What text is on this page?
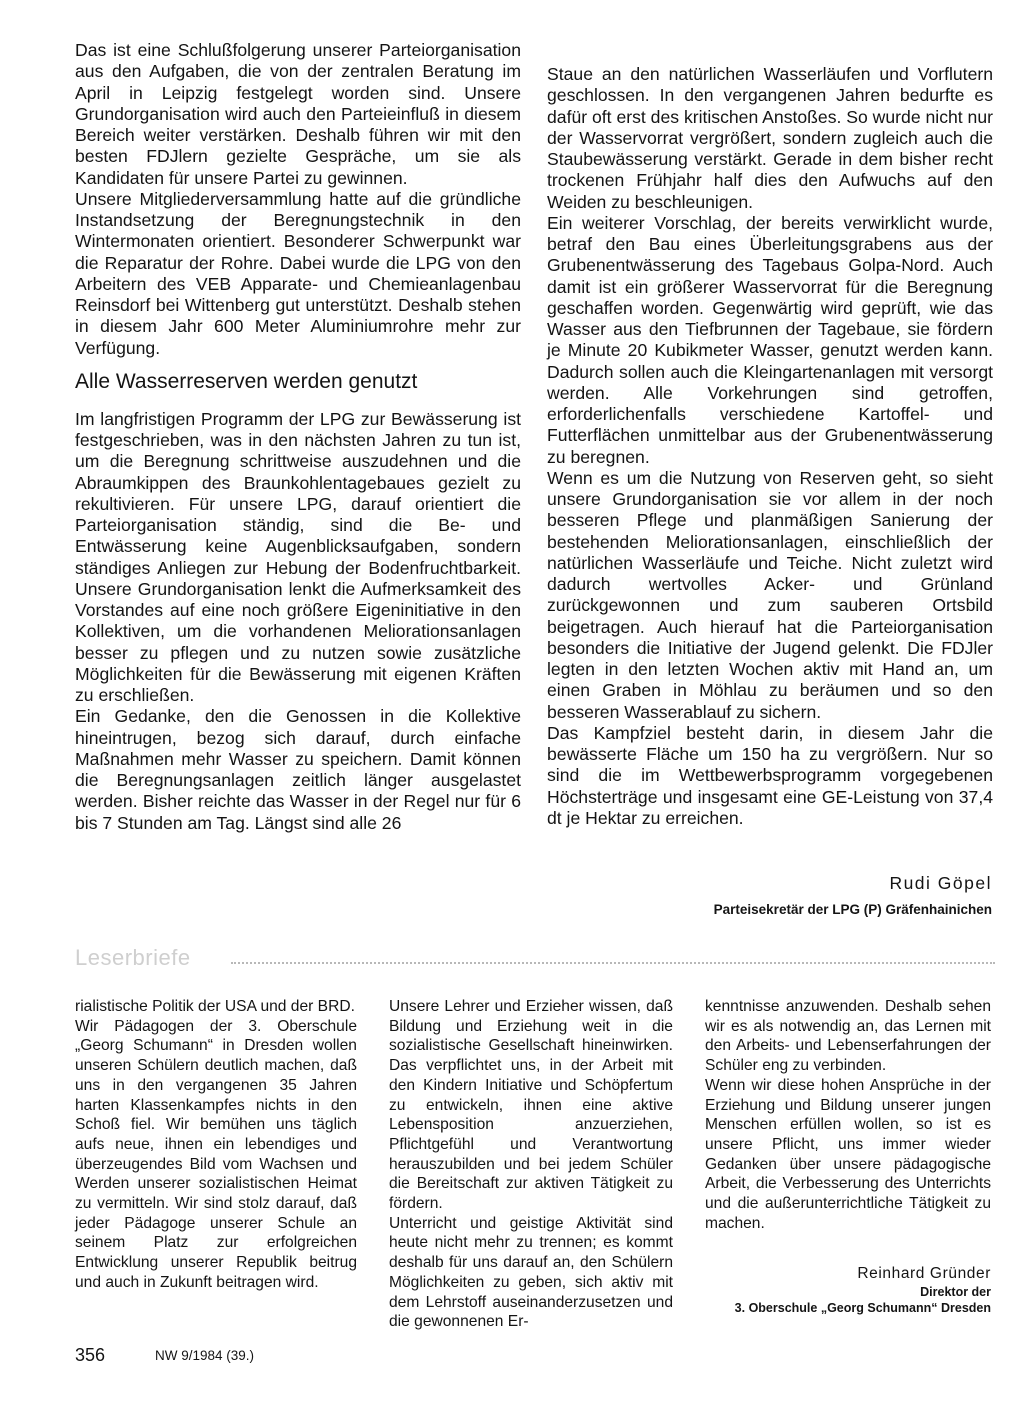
Das ist eine Schlußfolgerung unserer Parteiorganisation aus den Aufgaben, die von der zentralen Beratung im April in Leipzig festgelegt worden sind. Unsere Grundorganisation wird auch den Parteieinfluß in diesem Bereich weiter verstärken. Deshalb führen wir mit den besten FDJlern gezielte Gespräche, um sie als Kandidaten für unsere Partei zu gewinnen.

Unsere Mitgliederversammlung hatte auf die gründliche Instandsetzung der Beregnungstechnik in den Wintermonaten orientiert. Besonderer Schwerpunkt war die Reparatur der Rohre. Dabei wurde die LPG von den Arbeitern des VEB Apparate- und Chemieanlagenbau Reinsdorf bei Wittenberg gut unterstützt. Deshalb stehen in diesem Jahr 600 Meter Aluminiumrohre mehr zur Verfügung.

Alle Wasserreserven werden genutzt

Im langfristigen Programm der LPG zur Bewässerung ist festgeschrieben, was in den nächsten Jahren zu tun ist, um die Beregnung schrittweise auszudehnen und die Abraumkippen des Braunkohlentagebaues gezielt zu rekultivieren. Für unsere LPG, darauf orientiert die Parteiorganisation ständig, sind die Be- und Entwässerung keine Augenblicksaufgaben, sondern ständiges Anliegen zur Hebung der Bodenfruchtbarkeit. Unsere Grundorganisation lenkt die Aufmerksamkeit des Vorstandes auf eine noch größere Eigeninitiative in den Kollektiven, um die vorhandenen Meliorationsanlagen besser zu pflegen und zu nutzen sowie zusätzliche Möglichkeiten für die Bewässerung mit eigenen Kräften zu erschließen.

Ein Gedanke, den die Genossen in die Kollektive hineintrugen, bezog sich darauf, durch einfache Maßnahmen mehr Wasser zu speichern. Damit können die Beregnungsanlagen zeitlich länger ausgelastet werden. Bisher reichte das Wasser in der Regel nur für 6 bis 7 Stunden am Tag. Längst sind alle 26

Staue an den natürlichen Wasserläufen und Vorflutern geschlossen. In den vergangenen Jahren bedurfte es dafür oft erst des kritischen Anstoßes. So wurde nicht nur der Wasservorrat vergrößert, sondern zugleich auch die Staubewässerung verstärkt. Gerade in dem bisher recht trockenen Frühjahr half dies den Aufwuchs auf den Weiden zu beschleunigen.

Ein weiterer Vorschlag, der bereits verwirklicht wurde, betraf den Bau eines Überleitungsgrabens aus der Grubenentwässerung des Tagebaus Golpa-Nord. Auch damit ist ein größerer Wasservorrat für die Beregnung geschaffen worden. Gegenwärtig wird geprüft, wie das Wasser aus den Tiefbrunnen der Tagebaue, sie fördern je Minute 20 Kubikmeter Wasser, genutzt werden kann. Dadurch sollen auch die Kleingartenanlagen mit versorgt werden. Alle Vorkehrungen sind getroffen, erforderlichenfalls verschiedene Kartoffel- und Futterflächen unmittelbar aus der Grubenentwässerung zu beregnen.

Wenn es um die Nutzung von Reserven geht, so sieht unsere Grundorganisation sie vor allem in der noch besseren Pflege und planmäßigen Sanierung der bestehenden Meliorationsanlagen, einschließlich der natürlichen Wasserläufe und Teiche. Nicht zuletzt wird dadurch wertvolles Acker- und Grünland zurückgewonnen und zum sauberen Ortsbild beigetragen. Auch hierauf hat die Parteiorganisation besonders die Initiative der Jugend gelenkt. Die FDJler legten in den letzten Wochen aktiv mit Hand an, um einen Graben in Möhlau zu beräumen und so den besseren Wasserablauf zu sichern.

Das Kampfziel besteht darin, in diesem Jahr die bewässerte Fläche um 150 ha zu vergrößern. Nur so sind die im Wettbewerbsprogramm vorgegebenen Höchsterträge und insgesamt eine GE-Leistung von 37,4 dt je Hektar zu erreichen.

Rudi Göpel
Parteisekretär der LPG (P) Gräfenhainichen
Leserbriefe

rialistische Politik der USA und der BRD.

Wir Pädagogen der 3. Oberschule „Georg Schumann“ in Dresden wollen unseren Schülern deutlich machen, daß uns in den vergangenen 35 Jahren harten Klassenkampfes nichts in den Schoß fiel. Wir bemühen uns täglich aufs neue, ihnen ein lebendiges und überzeugendes Bild vom Wachsen und Werden unserer sozialistischen Heimat zu vermitteln. Wir sind stolz darauf, daß jeder Pädagoge unserer Schule an seinem Platz zur erfolgreichen Entwicklung unserer Republik beitrug und auch in Zukunft beitragen wird.

Unsere Lehrer und Erzieher wissen, daß Bildung und Erziehung weit in die sozialistische Gesellschaft hineinwirken. Das verpflichtet uns, in der Arbeit mit den Kindern Initiative und Schöpfertum zu entwickeln, ihnen eine aktive Lebensposition anzuerziehen, Pflichtgefühl und Verantwortung herauszubilden und bei jedem Schüler die Bereitschaft zur aktiven Tätigkeit zu fördern.

Unterricht und geistige Aktivität sind heute nicht mehr zu trennen; es kommt deshalb für uns darauf an, den Schülern Möglichkeiten zu geben, sich aktiv mit dem Lehrstoff auseinanderzusetzen und die gewonnenen Er-

kenntnisse anzuwenden. Deshalb sehen wir es als notwendig an, das Lernen mit den Arbeits- und Lebenserfahrungen der Schüler eng zu verbinden.

Wenn wir diese hohen Ansprüche in der Erziehung und Bildung unserer jungen Menschen erfüllen wollen, so ist es unsere Pflicht, uns immer wieder Gedanken über unsere pädagogische Arbeit, die Verbesserung des Unterrichts und die außerunterrichtliche Tätigkeit zu machen.

Reinhard Gründer
Direktor der
3. Oberschule „Georg Schumann“ Dresden
356	NW 9/1984 (39.)
